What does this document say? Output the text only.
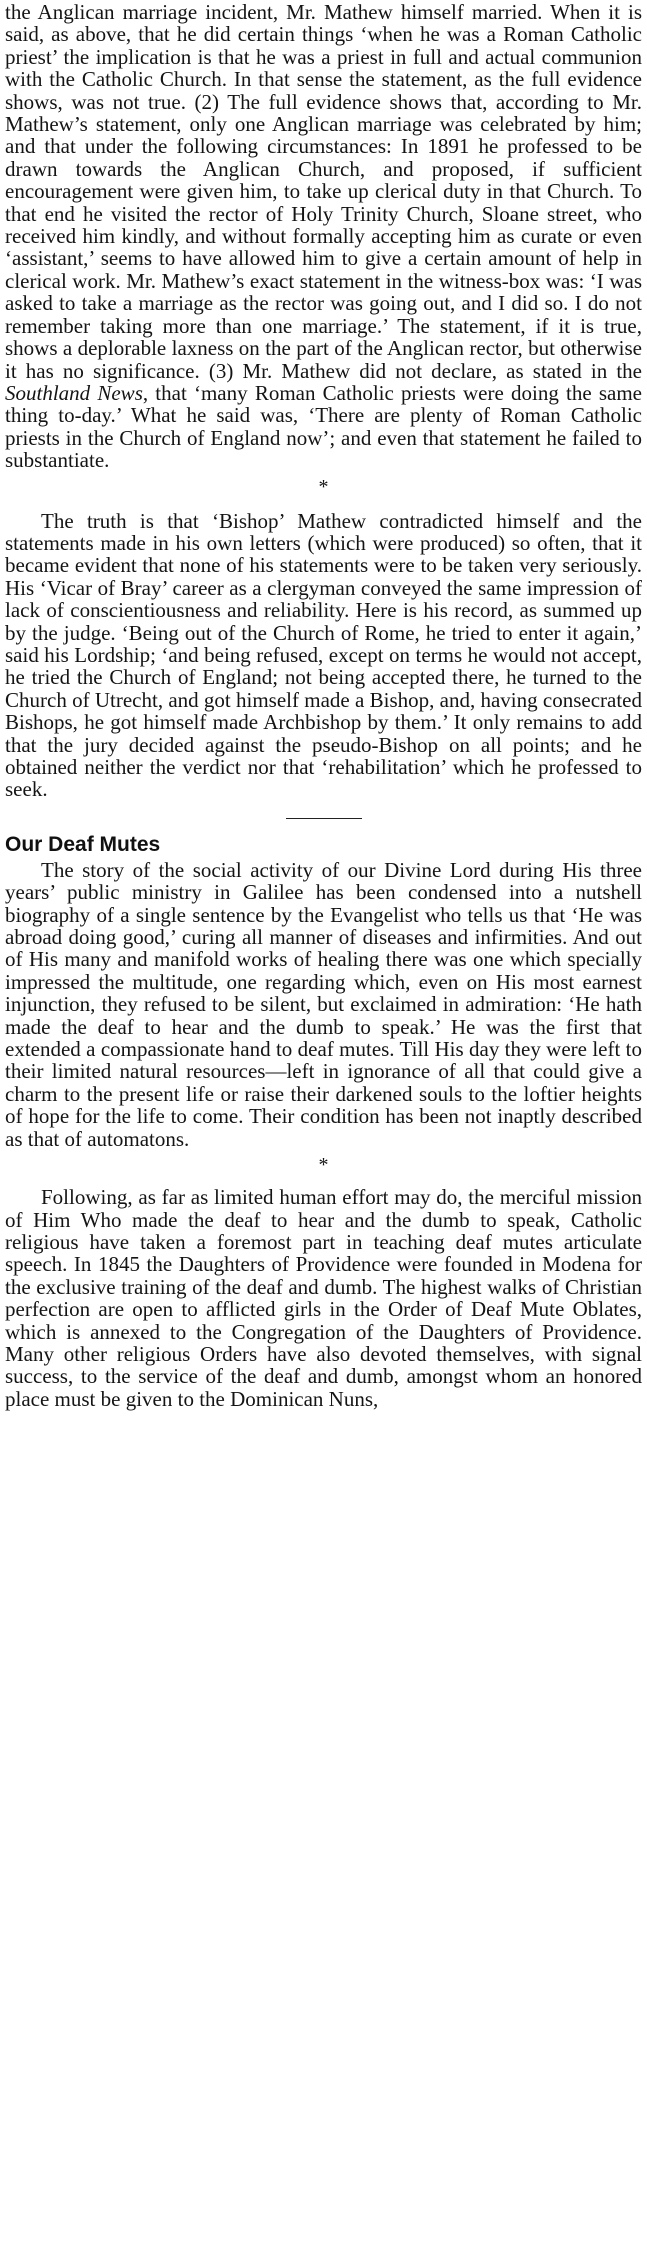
the Anglican marriage incident, Mr. Mathew himself married. When it is said, as above, that he did certain things ‘when he was a Roman Catholic priest’ the implication is that he was a priest in full and actual communion with the Catholic Church. In that sense the statement, as the full evidence shows, was not true. (2) The full evidence shows that, according to Mr. Mathew’s statement, only one Anglican marriage was celebrated by him; and that under the following circumstances: In 1891 he professed to be drawn towards the Anglican Church, and proposed, if sufficient encouragement were given him, to take up clerical duty in that Church. To that end he visited the rector of Holy Trinity Church, Sloane street, who received him kindly, and without formally accepting him as curate or even ‘assistant,’ seems to have allowed him to give a certain amount of help in clerical work. Mr. Mathew’s exact statement in the witness-box was: ‘I was asked to take a marriage as the rector was going out, and I did so. I do not remember taking more than one marriage.’ The statement, if it is true, shows a deplorable laxness on the part of the Anglican rector, but otherwise it has no significance. (3) Mr. Mathew did not declare, as stated in the Southland News, that ‘many Roman Catholic priests were doing the same thing to-day.’ What he said was, ‘There are plenty of Roman Catholic priests in the Church of England now’; and even that statement he failed to substantiate.

*

The truth is that ‘Bishop’ Mathew contradicted himself and the statements made in his own letters (which were produced) so often, that it became evident that none of his statements were to be taken very seriously. His ‘Vicar of Bray’ career as a clergyman conveyed the same impression of lack of conscientiousness and reliability. Here is his record, as summed up by the judge. ‘Being out of the Church of Rome, he tried to enter it again,’ said his Lordship; ‘and being refused, except on terms he would not accept, he tried the Church of England; not being accepted there, he turned to the Church of Utrecht, and got himself made a Bishop, and, having consecrated Bishops, he got himself made Archbishop by them.’ It only remains to add that the jury decided against the pseudo-Bishop on all points; and he obtained neither the verdict nor that ‘rehabilitation’ which he professed to seek.

Our Deaf Mutes

The story of the social activity of our Divine Lord during His three years’ public ministry in Galilee has been condensed into a nutshell biography of a single sentence by the Evangelist who tells us that ‘He was abroad doing good,’ curing all manner of diseases and infirmities. And out of His many and manifold works of healing there was one which specially impressed the multitude, one regarding which, even on His most earnest injunction, they refused to be silent, but exclaimed in admiration: ‘He hath made the deaf to hear and the dumb to speak.’ He was the first that extended a compassionate hand to deaf mutes. Till His day they were left to their limited natural resources—left in ignorance of all that could give a charm to the present life or raise their darkened souls to the loftier heights of hope for the life to come. Their condition has been not inaptly described as that of automatons.

*

Following, as far as limited human effort may do, the merciful mission of Him Who made the deaf to hear and the dumb to speak, Catholic religious have taken a foremost part in teaching deaf mutes articulate speech. In 1845 the Daughters of Providence were founded in Modena for the exclusive training of the deaf and dumb. The highest walks of Christian perfection are open to afflicted girls in the Order of Deaf Mute Oblates, which is annexed to the Congregation of the Daughters of Providence. Many other religious Orders have also devoted themselves, with signal success, to the service of the deaf and dumb, amongst whom an honored place must be given to the Dominican Nuns,
